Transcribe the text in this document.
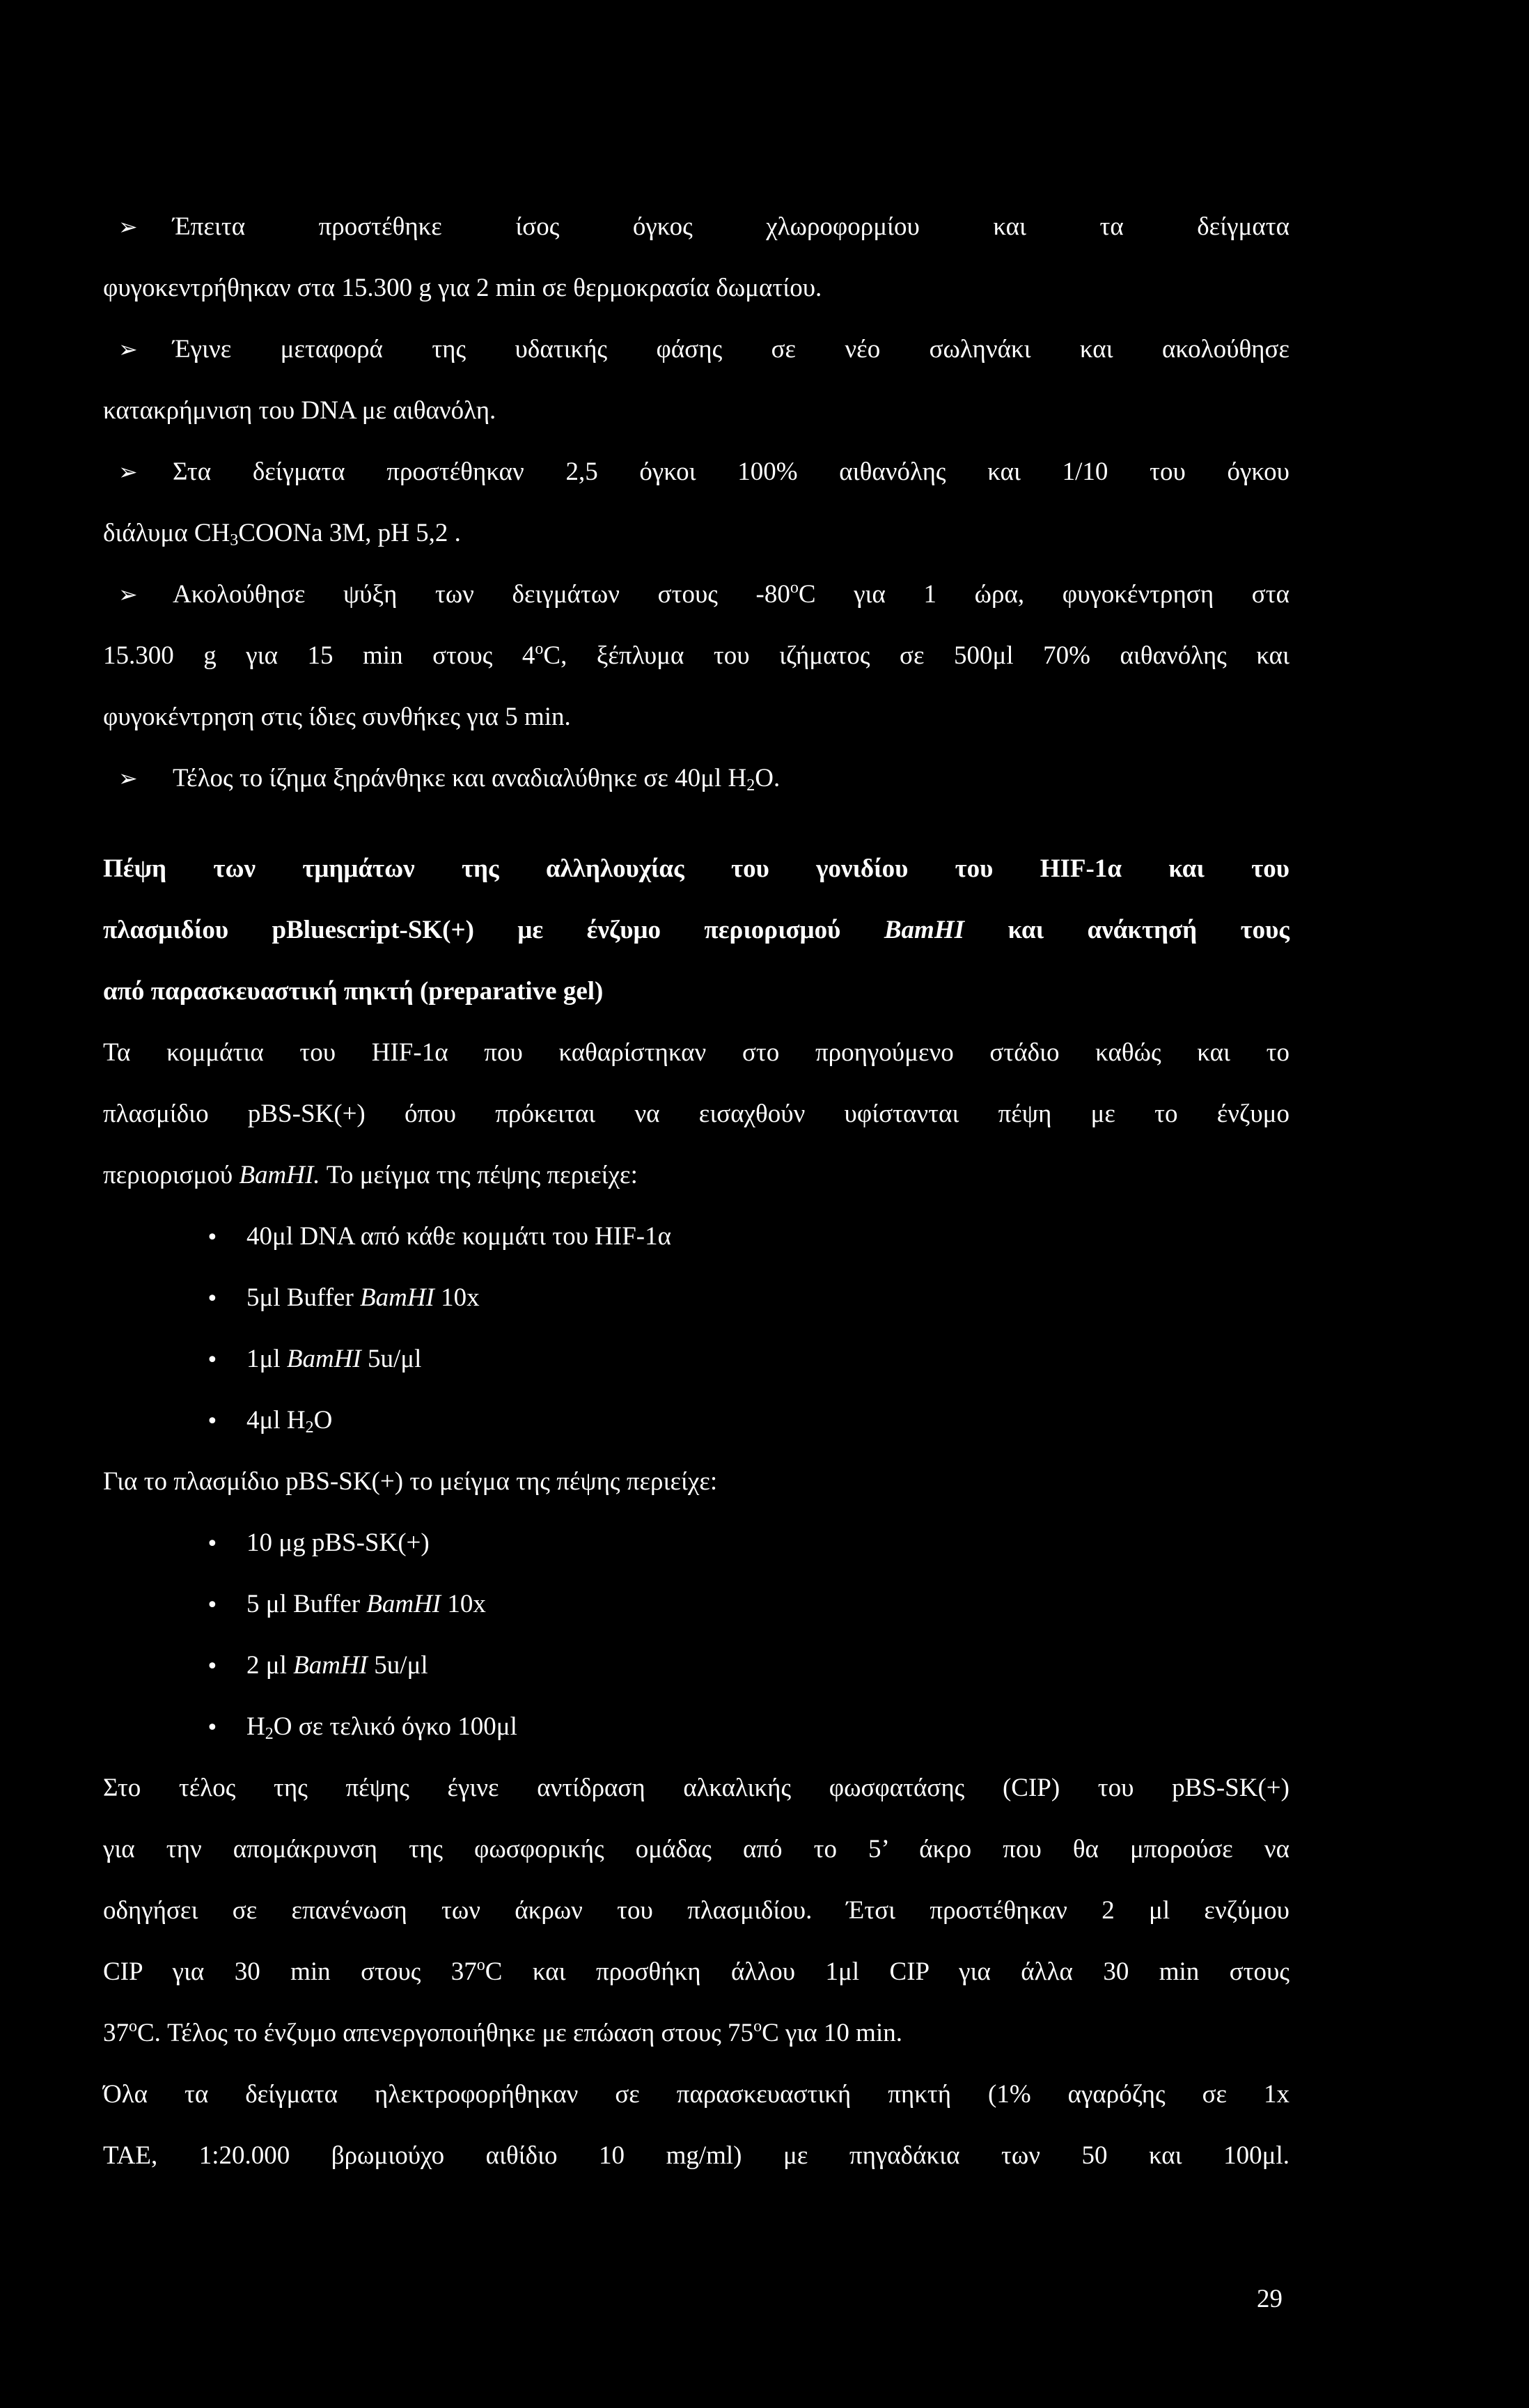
➢ Έπειτα προστέθηκε ίσος όγκος χλωροφορμίου και τα δείγματα
φυγοκεντρήθηκαν στα 15.300 g για 2 min σε θερμοκρασία δωματίου.
➢ Έγινε μεταφορά της υδατικής φάσης σε νέο σωληνάκι και ακολούθησε
κατακρήμνιση του DNA με αιθανόλη.
➢ Στα δείγματα προστέθηκαν 2,5 όγκοι 100% αιθανόλης και 1/10 του όγκου
διάλυμα $CH_3COONa$ 3M, pH 5,2 .
➢ Ακολούθησε ψύξη των δειγμάτων στους -80$^o$C για 1 ώρα, φυγοκέντρηση στα
15.300 g για 15 min στους 4$^o$C, ξέπλυμα του ιζήματος σε 500μl 70% αιθανόλης και
φυγοκέντρηση στις ίδιες συνθήκες για 5 min.
➢ Τέλος το ίζημα ξηράνθηκε και αναδιαλύθηκε σε 40μl $H_2O$.
Πέψη των τμημάτων της αλληλουχίας του γονιδίου του HIF-1α και του
πλασμιδίου pBluescript-SK(+) με ένζυμο περιορισμού BamHI και ανάκτησή τους
από παρασκευαστική πηκτή (preparative gel)
Τα κομμάτια του HIF-1α που καθαρίστηκαν στο προηγούμενο στάδιο καθώς και το
πλασμίδιο pBS-SK(+) όπου πρόκειται να εισαχθούν υφίστανται πέψη με το ένζυμο
περιορισμού BamHI. Το μείγμα της πέψης περιείχε:
• 40μl DNA από κάθε κομμάτι του HIF-1α
• 5μl Buffer BamHI 10x
• 1μl BamHI 5u/μl
• 4μl $H_2O$
Για το πλασμίδιο pBS-SK(+) το μείγμα της πέψης περιείχε:
• 10 μg pBS-SK(+)
• 5 μl Buffer BamHI 10x
• 2 μl BamHI 5u/μl
• $H_2O$ σε τελικό όγκο 100μl
Στο τέλος της πέψης έγινε αντίδραση αλκαλικής φωσφατάσης (CIP) του pBS-SK(+)
για την απομάκρυνση της φωσφορικής ομάδας από το 5’ άκρο που θα μπορούσε να
οδηγήσει σε επανένωση των άκρων του πλασμιδίου. Έτσι προστέθηκαν 2 μl ενζύμου
CIP για 30 min στους 37$^o$C και προσθήκη άλλου 1μl CIP για άλλα 30 min στους
37$^o$C. Τέλος το ένζυμο απενεργοποιήθηκε με επώαση στους 75$^o$C για 10 min.
Όλα τα δείγματα ηλεκτροφορήθηκαν σε παρασκευαστική πηκτή (1% αγαρόζης σε 1x
TAE, 1:20.000 βρωμιούχο αιθίδιο 10 mg/ml) με πηγαδάκια των 50 και 100μl.
29
